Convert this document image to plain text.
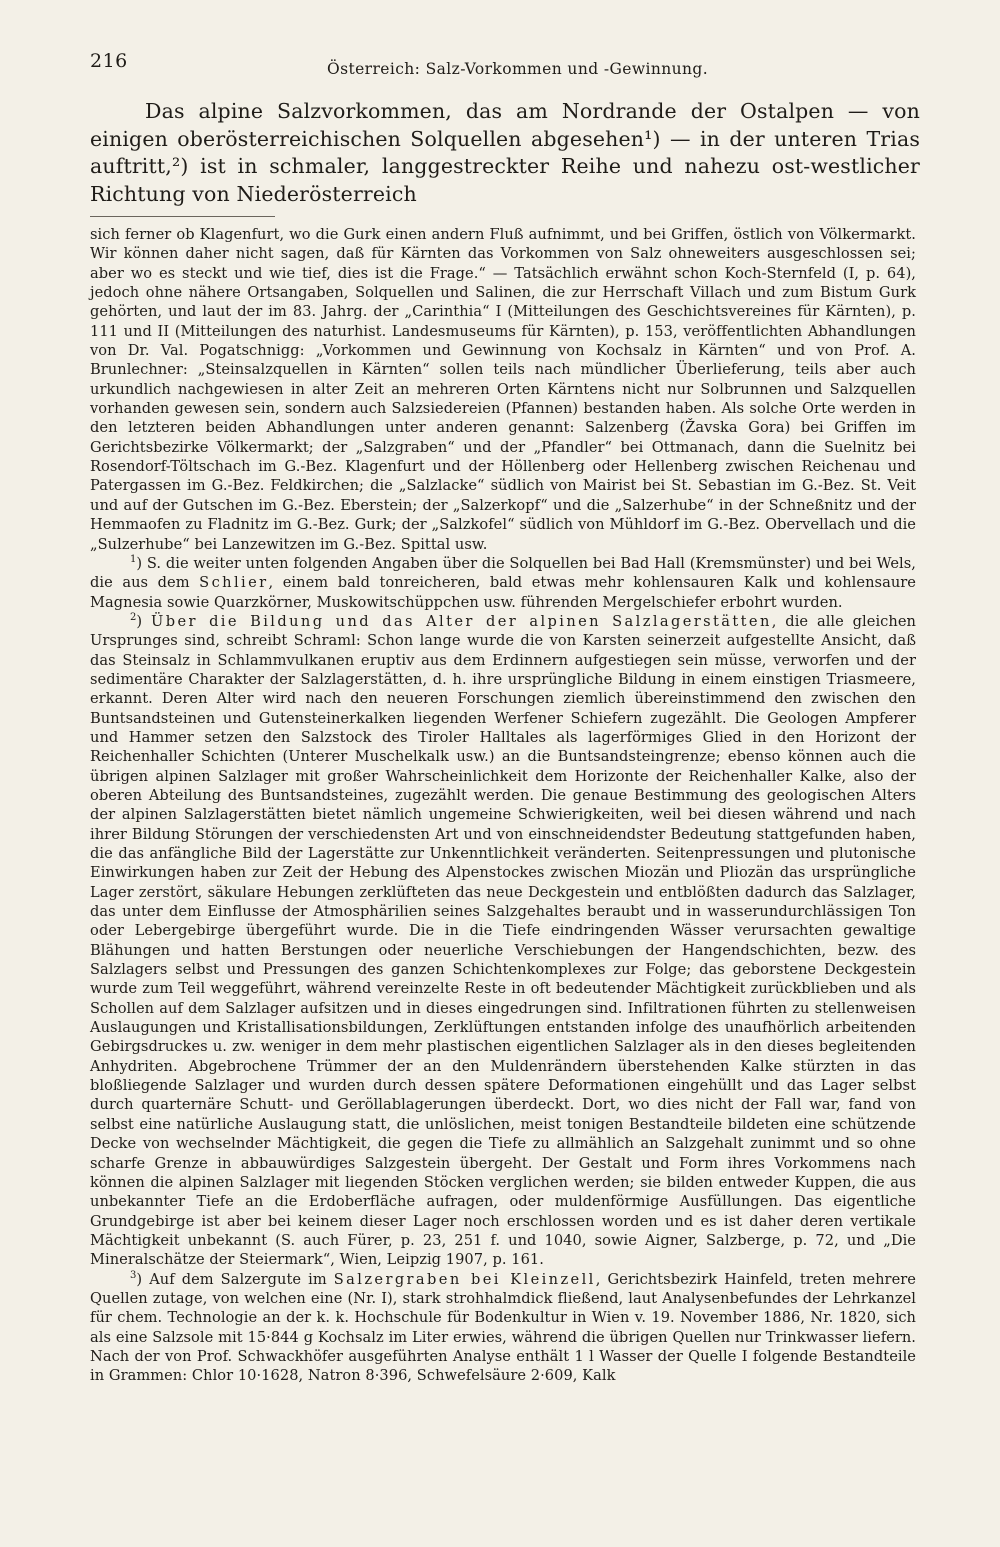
216	Österreich: Salz-Vorkommen und -Gewinnung.

Das alpine Salzvorkommen, das am Nordrande der Ostalpen — von einigen oberösterreichischen Solquellen abgesehen¹) — in der unteren Trias auftritt,²) ist in schmaler, langgestreckter Reihe und nahezu ost-westlicher Richtung von Niederösterreich

sich ferner ob Klagenfurt, wo die Gurk einen andern Fluß aufnimmt, und bei Griffen, östlich von Völkermarkt. Wir können daher nicht sagen, daß für Kärnten das Vorkommen von Salz ohneweiters ausgeschlossen sei; aber wo es steckt und wie tief, dies ist die Frage.“ — Tatsächlich erwähnt schon Koch-Sternfeld (I, p. 64), jedoch ohne nähere Ortsangaben, Solquellen und Salinen, die zur Herrschaft Villach und zum Bistum Gurk gehörten, und laut der im 83. Jahrg. der „Carinthia“ I (Mitteilungen des Geschichtsvereines für Kärnten), p. 111 und II (Mitteilungen des naturhist. Landesmuseums für Kärnten), p. 153, veröffentlichten Abhandlungen von Dr. Val. Pogatschnigg: „Vorkommen und Gewinnung von Kochsalz in Kärnten“ und von Prof. A. Brunlechner: „Steinsalzquellen in Kärnten“ sollen teils nach mündlicher Überlieferung, teils aber auch urkundlich nachgewiesen in alter Zeit an mehreren Orten Kärntens nicht nur Solbrunnen und Salzquellen vorhanden gewesen sein, sondern auch Salzsiedereien (Pfannen) bestanden haben. Als solche Orte werden in den letzteren beiden Abhandlungen unter anderen genannt: Salzenberg (Žavska Gora) bei Griffen im Gerichtsbezirke Völkermarkt; der „Salzgraben“ und der „Pfandler“ bei Ottmanach, dann die Suelnitz bei Rosendorf-Töltschach im G.-Bez. Klagenfurt und der Höllenberg oder Hellenberg zwischen Reichenau und Patergassen im G.-Bez. Feldkirchen; die „Salzlacke“ südlich von Mairist bei St. Sebastian im G.-Bez. St. Veit und auf der Gutschen im G.-Bez. Eberstein; der „Salzerkopf“ und die „Salzerhube“ in der Schneßnitz und der Hemmaofen zu Fladnitz im G.-Bez. Gurk; der „Salzkofel“ südlich von Mühldorf im G.-Bez. Obervellach und die „Sulzerhube“ bei Lanzewitzen im G.-Bez. Spittal usw.

$^1$) S. die weiter unten folgenden Angaben über die Solquellen bei Bad Hall (Kremsmünster) und bei Wels, die aus dem Schlier, einem bald tonreicheren, bald etwas mehr kohlensauren Kalk und kohlensaure Magnesia sowie Quarzkörner, Muskowitschüppchen usw. führenden Mergelschiefer erbohrt wurden.

$^2$) Über die Bildung und das Alter der alpinen Salzlagerstätten, die alle gleichen Ursprunges sind, schreibt Schraml: Schon lange wurde die von Karsten seinerzeit aufgestellte Ansicht, daß das Steinsalz in Schlammvulkanen eruptiv aus dem Erdinnern aufgestiegen sein müsse, verworfen und der sedimentäre Charakter der Salzlagerstätten, d. h. ihre ursprüngliche Bildung in einem einstigen Triasmeere, erkannt. Deren Alter wird nach den neueren Forschungen ziemlich übereinstimmend den zwischen den Buntsandsteinen und Gutensteinerkalken liegenden Werfener Schiefern zugezählt. Die Geologen Ampferer und Hammer setzen den Salzstock des Tiroler Halltales als lagerförmiges Glied in den Horizont der Reichenhaller Schichten (Unterer Muschelkalk usw.) an die Buntsandsteingrenze; ebenso können auch die übrigen alpinen Salzlager mit großer Wahrscheinlichkeit dem Horizonte der Reichenhaller Kalke, also der oberen Abteilung des Buntsandsteines, zugezählt werden. Die genaue Bestimmung des geologischen Alters der alpinen Salzlagerstätten bietet nämlich ungemeine Schwierigkeiten, weil bei diesen während und nach ihrer Bildung Störungen der verschiedensten Art und von einschneidendster Bedeutung stattgefunden haben, die das anfängliche Bild der Lagerstätte zur Unkenntlichkeit veränderten. Seitenpressungen und plutonische Einwirkungen haben zur Zeit der Hebung des Alpenstockes zwischen Miozän und Pliozän das ursprüngliche Lager zerstört, säkulare Hebungen zerklüfteten das neue Deckgestein und entblößten dadurch das Salzlager, das unter dem Einflusse der Atmosphärilien seines Salzgehaltes beraubt und in wasserundurchlässigen Ton oder Lebergebirge übergeführt wurde. Die in die Tiefe eindringenden Wässer verursachten gewaltige Blähungen und hatten Berstungen oder neuerliche Verschiebungen der Hangendschichten, bezw. des Salzlagers selbst und Pressungen des ganzen Schichtenkomplexes zur Folge; das geborstene Deckgestein wurde zum Teil weggeführt, während vereinzelte Reste in oft bedeutender Mächtigkeit zurückblieben und als Schollen auf dem Salzlager aufsitzen und in dieses eingedrungen sind. Infiltrationen führten zu stellenweisen Auslaugungen und Kristallisationsbildungen, Zerklüftungen entstanden infolge des unaufhörlich arbeitenden Gebirgsdruckes u. zw. weniger in dem mehr plastischen eigentlichen Salzlager als in den dieses begleitenden Anhydriten. Abgebrochene Trümmer der an den Muldenrändern überstehenden Kalke stürzten in das bloßliegende Salzlager und wurden durch dessen spätere Deformationen eingehüllt und das Lager selbst durch quarternäre Schutt- und Geröllablagerungen überdeckt. Dort, wo dies nicht der Fall war, fand von selbst eine natürliche Auslaugung statt, die unlöslichen, meist tonigen Bestandteile bildeten eine schützende Decke von wechselnder Mächtigkeit, die gegen die Tiefe zu allmählich an Salzgehalt zunimmt und so ohne scharfe Grenze in abbauwürdiges Salzgestein übergeht. Der Gestalt und Form ihres Vorkommens nach können die alpinen Salzlager mit liegenden Stöcken verglichen werden; sie bilden entweder Kuppen, die aus unbekannter Tiefe an die Erdoberfläche aufragen, oder muldenförmige Ausfüllungen. Das eigentliche Grundgebirge ist aber bei keinem dieser Lager noch erschlossen worden und es ist daher deren vertikale Mächtigkeit unbekannt (S. auch Fürer, p. 23, 251 f. und 1040, sowie Aigner, Salzberge, p. 72, und „Die Mineralschätze der Steiermark“, Wien, Leipzig 1907, p. 161.

$^3$) Auf dem Salzergute im Salzergraben bei Kleinzell, Gerichtsbezirk Hainfeld, treten mehrere Quellen zutage, von welchen eine (Nr. I), stark strohhalmdick fließend, laut Analysenbefundes der Lehrkanzel für chem. Technologie an der k. k. Hochschule für Bodenkultur in Wien v. 19. November 1886, Nr. 1820, sich als eine Salzsole mit 15·844 g Kochsalz im Liter erwies, während die übrigen Quellen nur Trinkwasser liefern. Nach der von Prof. Schwackhöfer ausgeführten Analyse enthält 1 l Wasser der Quelle I folgende Bestandteile in Grammen: Chlor 10·1628, Natron 8·396, Schwefelsäure 2·609, Kalk
